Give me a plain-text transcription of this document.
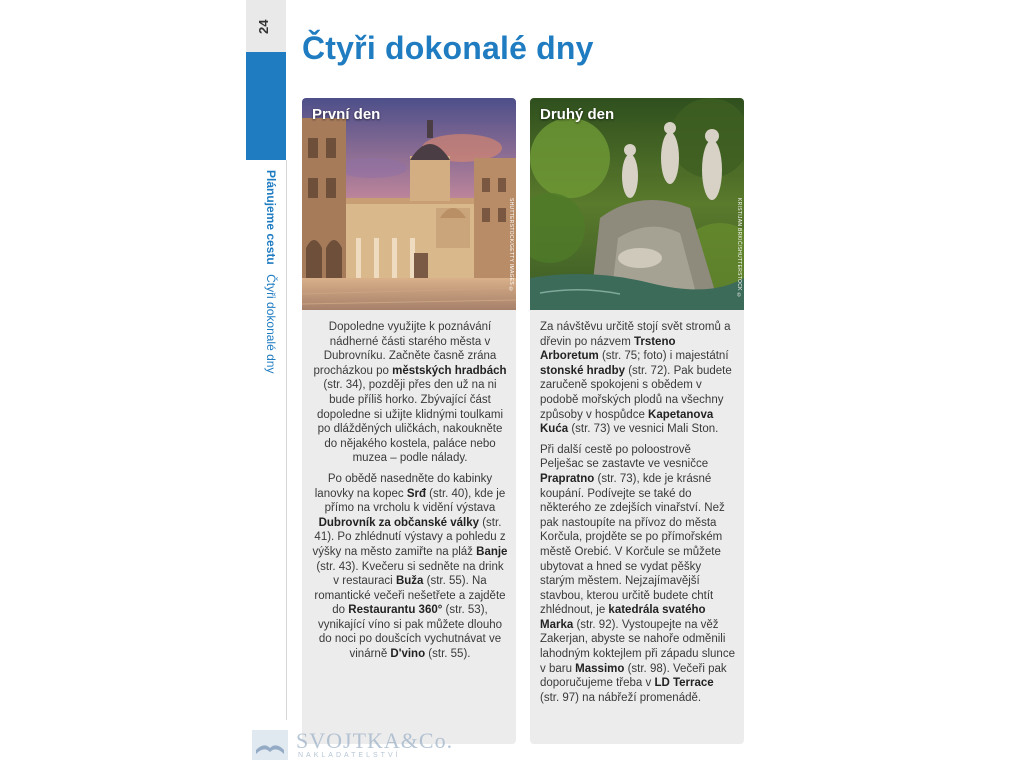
24
Plánujeme cestu Čtyři dokonalé dny
Čtyři dokonalé dny
První den
SHUTTERSTOCK/GETTY IMAGES ©

Dopoledne využijte k poznávání nádherné části starého města v Dubrovníku. Začněte časně zrána procházkou po městských hradbách (str. 34), později přes den už na ni bude příliš horko. Zbývající část dopoledne si užijte klidnými toulkami po dlážděných uličkách, nakoukněte do nějakého kostela, paláce nebo muzea – podle nálady.

Po obědě nasedněte do kabinky lanovky na kopec Srđ (str. 40), kde je přímo na vrcholu k vidění výstava Dubrovník za občanské války (str. 41). Po zhlédnutí výstavy a pohledu z výšky na město zamiřte na pláž Banje (str. 43). Kvečeru si sedněte na drink v restauraci Buža (str. 55). Na romantické večeři nešetřete a zajděte do Restaurantu 360° (str. 53), vynikající víno si pak můžete dlouho do noci po doušcích vychutnávat ve vinárně D'vino (str. 55).

Druhý den
KRISTIJAN BRKIĆ/SHUTTERSTOCK ©

Za návštěvu určitě stojí svět stromů a dřevin po názvem Trsteno Arboretum (str. 75; foto) i majestátní stonské hradby (str. 72). Pak budete zaručeně spokojeni s obědem v podobě mořských plodů na všechny způsoby v hospůdce Kapetanova Kuća (str. 73) ve vesnici Mali Ston.

Při další cestě po poloostrově Pelješac se zastavte ve vesničce Prapratno (str. 73), kde je krásné koupání. Podívejte se také do některého ze zdejších vinařství. Než pak nastoupíte na přívoz do města Korčula, projděte se po přímořském městě Orebić. V Korčule se můžete ubytovat a hned se vydat pěšky starým městem. Nejzajímavější stavbou, kterou určitě budete chtít zhlédnout, je katedrála svatého Marka (str. 92). Vystoupejte na věž Zakerjan, abyste se nahoře odměnili lahodným koktejlem při západu slunce v baru Massimo (str. 98). Večeři pak doporučujeme třeba v LD Terrace (str. 97) na nábřeží promenádě.

SVOJTKA&Co.
NAKLADATELSTVÍ
